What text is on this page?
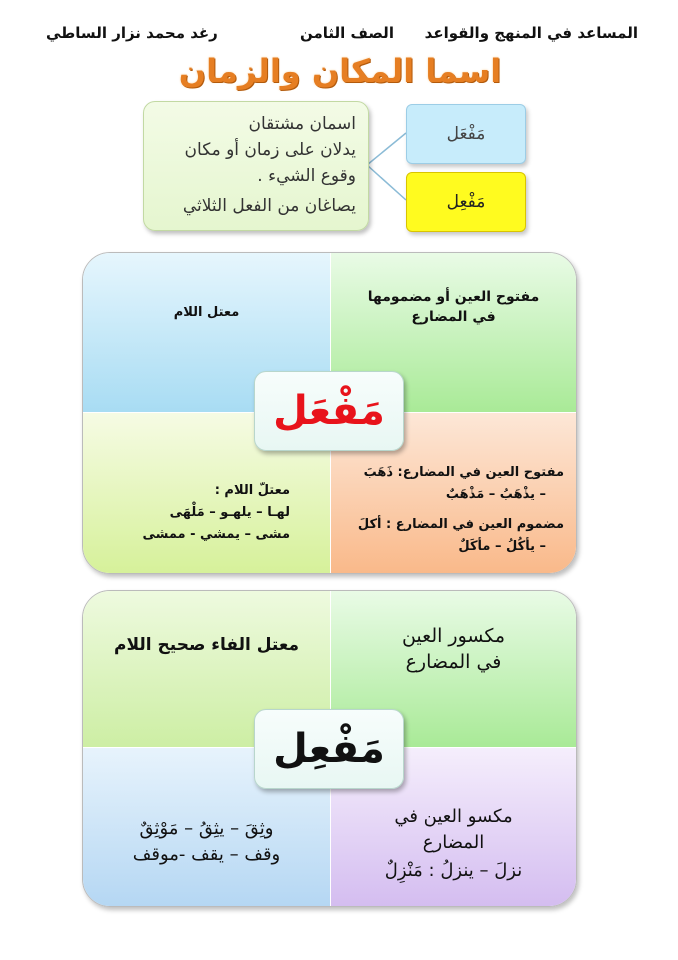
المساعد في المنهج والقواعد
الصف الثامن
رغد محمد نزار الساطي
اسما المكان والزمان
اسمان مشتقان
يدلان على زمان أو مكان
وقوع الشيء .
يصاغان من الفعل الثلاثي
مَفْعَل
مَفْعِل
مفتوح العين أو مضمومها
في المضارع
معتل اللام
مفتوح العين في المضارع: ذَهَبَ
– يذْهَبُ – مَذْهَبٌ
مضموم العين في المضارع : أكلَ
– يأكُلُ – مأكَلٌ
معتلّ اللام :
لهـا – يلهـو – مَلْهَى
مشى – يمشي - ممشى
مَفْعَل
مكسور العين
في المضارع
معتل الفاء صحيح اللام
مكسو العين في
المضارع
نزلَ – ينزلُ : مَنْزِلٌ
وثِقَ – يثِقُ – مَوْثِقٌ
وقف – يقف -موقف
مَفْعِل
